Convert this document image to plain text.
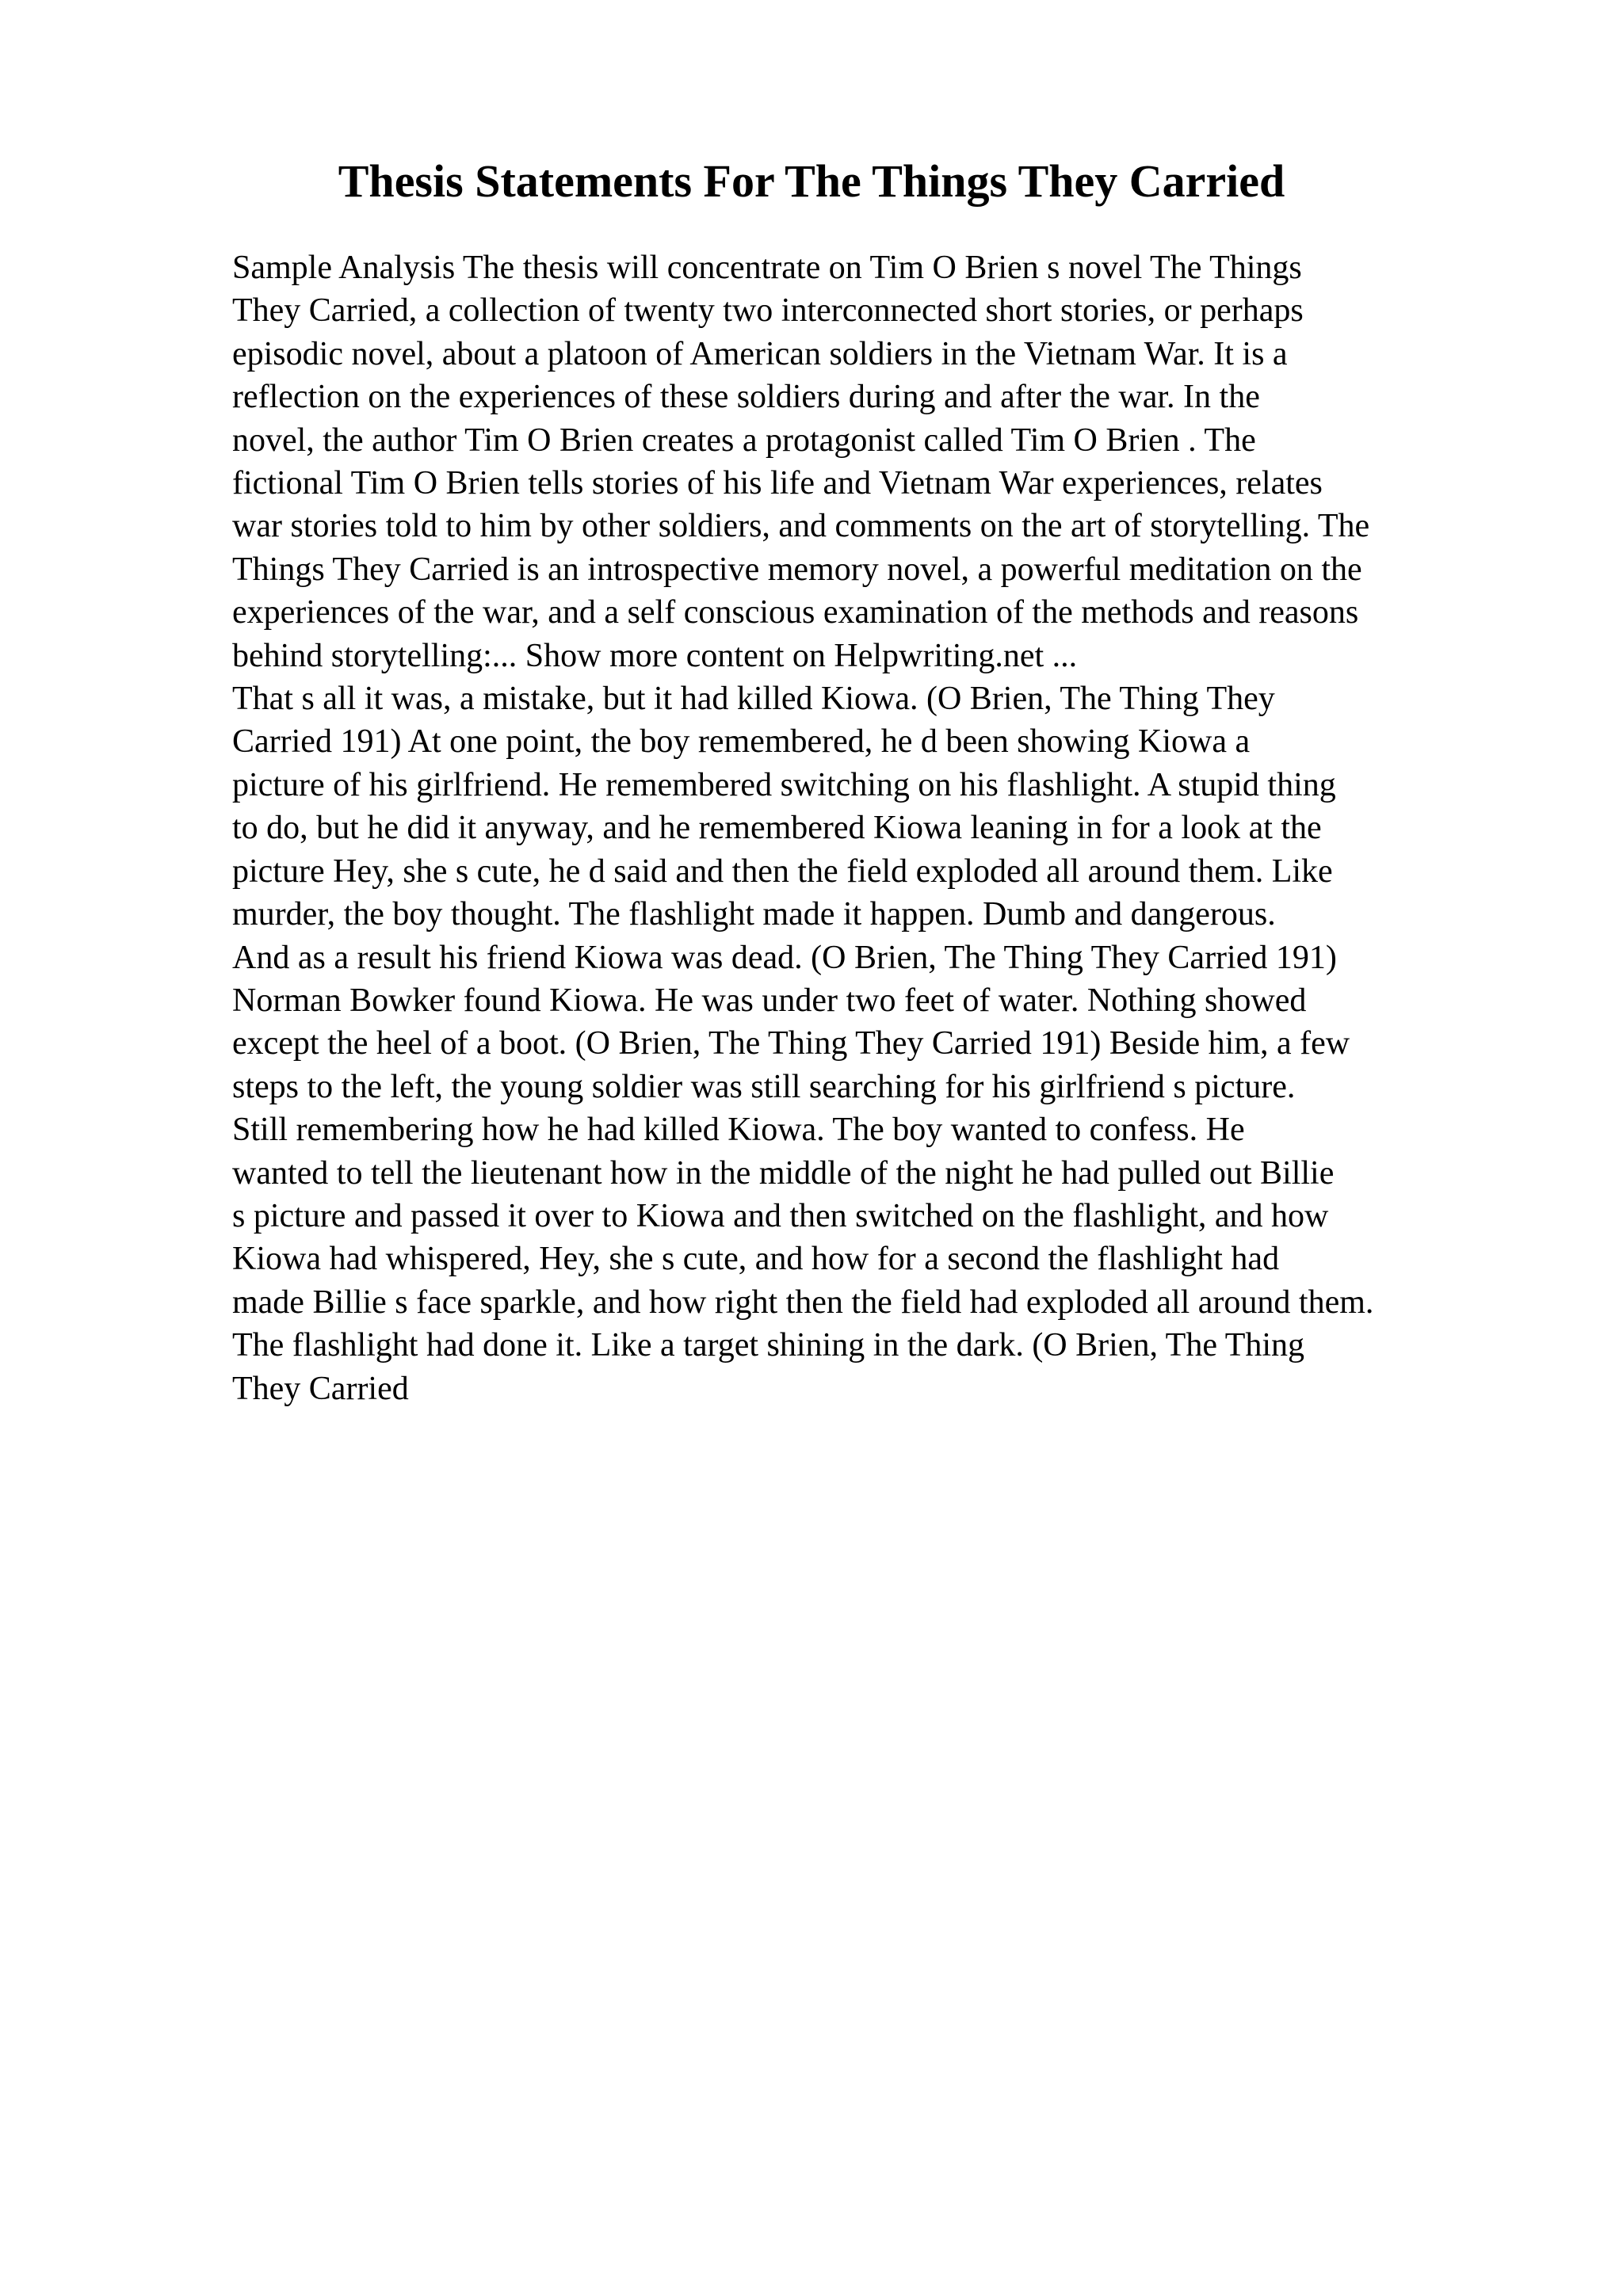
Thesis Statements For The Things They Carried
Sample Analysis The thesis will concentrate on Tim O Brien s novel The Things
They Carried, a collection of twenty two interconnected short stories, or perhaps
episodic novel, about a platoon of American soldiers in the Vietnam War. It is a
reflection on the experiences of these soldiers during and after the war. In the
novel, the author Tim O Brien creates a protagonist called Tim O Brien . The
fictional Tim O Brien tells stories of his life and Vietnam War experiences, relates
war stories told to him by other soldiers, and comments on the art of storytelling. The
Things They Carried is an introspective memory novel, a powerful meditation on the
experiences of the war, and a self conscious examination of the methods and reasons
behind storytelling:... Show more content on Helpwriting.net ...
That s all it was, a mistake, but it had killed Kiowa. (O Brien, The Thing They
Carried 191) At one point, the boy remembered, he d been showing Kiowa a
picture of his girlfriend. He remembered switching on his flashlight. A stupid thing
to do, but he did it anyway, and he remembered Kiowa leaning in for a look at the
picture Hey, she s cute, he d said and then the field exploded all around them. Like
murder, the boy thought. The flashlight made it happen. Dumb and dangerous.
And as a result his friend Kiowa was dead. (O Brien, The Thing They Carried 191)
Norman Bowker found Kiowa. He was under two feet of water. Nothing showed
except the heel of a boot. (O Brien, The Thing They Carried 191) Beside him, a few
steps to the left, the young soldier was still searching for his girlfriend s picture.
Still remembering how he had killed Kiowa. The boy wanted to confess. He
wanted to tell the lieutenant how in the middle of the night he had pulled out Billie
s picture and passed it over to Kiowa and then switched on the flashlight, and how
Kiowa had whispered, Hey, she s cute, and how for a second the flashlight had
made Billie s face sparkle, and how right then the field had exploded all around them.
The flashlight had done it. Like a target shining in the dark. (O Brien, The Thing
They Carried
